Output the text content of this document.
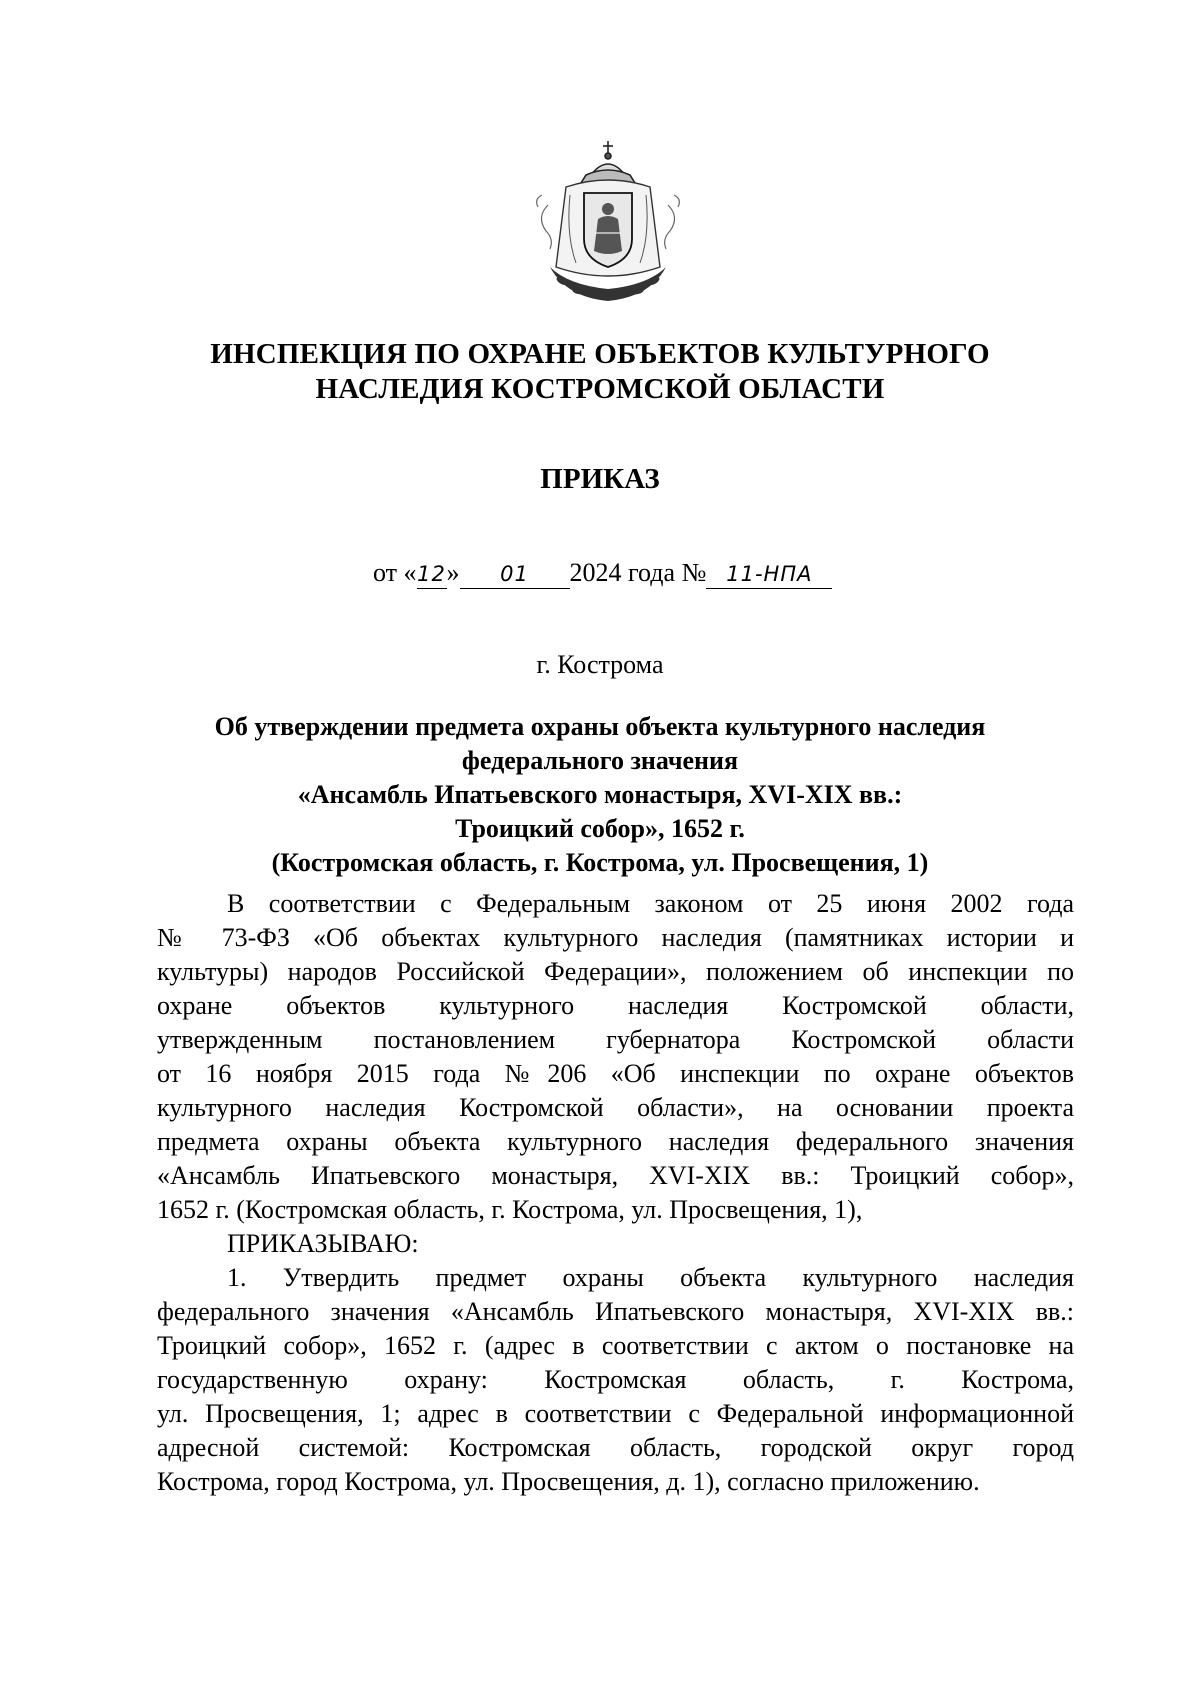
ИНСПЕКЦИЯ ПО ОХРАНЕ ОБЪЕКТОВ КУЛЬТУРНОГО
НАСЛЕДИЯ КОСТРОМСКОЙ ОБЛАСТИ
ПРИКАЗ
от «12» 01 2024 года № 11-НПА
г. Кострома
Об утверждении предмета охраны объекта культурного наследия
федерального значения
«Ансамбль Ипатьевского монастыря, XVI-XIX вв.:
Троицкий собор», 1652 г.
(Костромская область, г. Кострома, ул. Просвещения, 1)
В соответствии с Федеральным законом от 25 июня 2002 года
№ 73-ФЗ «Об объектах культурного наследия (памятниках истории и
культуры) народов Российской Федерации», положением об инспекции по
охране объектов культурного наследия Костромской области,
утвержденным постановлением губернатора Костромской области
от 16 ноября 2015 года №206 «Об инспекции по охране объектов
культурного наследия Костромской области», на основании проекта
предмета охраны объекта культурного наследия федерального значения
«Ансамбль Ипатьевского монастыря, XVI-XIX вв.: Троицкий собор»,
1652 г. (Костромская область, г. Кострома, ул. Просвещения, 1),
ПРИКАЗЫВАЮ:
1. Утвердить предмет охраны объекта культурного наследия
федерального значения «Ансамбль Ипатьевского монастыря, XVI-XIX вв.:
Троицкий собор», 1652 г. (адрес в соответствии с актом о постановке на
государственную охрану: Костромская область, г. Кострома,
ул. Просвещения, 1; адрес в соответствии с Федеральной информационной
адресной системой: Костромская область, городской округ город
Кострома, город Кострома, ул. Просвещения, д. 1), согласно приложению.
